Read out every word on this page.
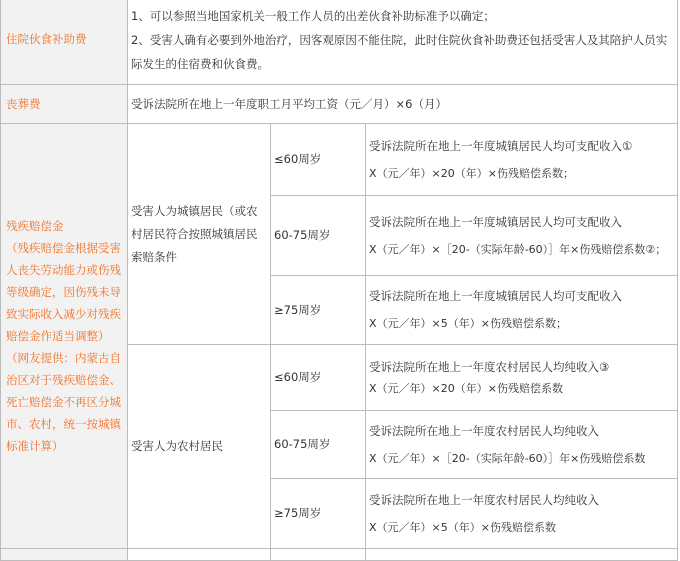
住院伙食补助费	1、可以参照当地国家机关一般工作人员的出差伙食补助标准予以确定；
2、受害人确有必要到外地治疗，因客观原因不能住院，此时住院伙食补助费还包括受害人及其陪护人员实际发生的住宿费和伙食费。		
丧葬费	受诉法院所在地上一年度职工月平均工资（元／月）×6（月）		
残疾赔偿金
（残疾赔偿金根据受害人丧失劳动能力或伤残等级确定，因伤残未导致实际收入减少对残疾赔偿金作适当调整）
（网友提供：内蒙古自治区对于残疾赔偿金、死亡赔偿金不再区分城市、农村，统一按城镇标准计算）	受害人为城镇居民（或农村居民符合按照城镇居民索赔条件	≤60周岁	受诉法院所在地上一年度城镇居民人均可支配收入①
X（元／年）×20（年）×伤残赔偿系数；

		60-75周岁	受诉法院所在地上一年度城镇居民人均可支配收入
X（元／年）×［20-（实际年龄-60）］年×伤残赔偿系数②；

		≥75周岁	受诉法院所在地上一年度城镇居民人均可支配收入
X（元／年）×5（年）×伤残赔偿系数；

	受害人为农村居民	≤60周岁	受诉法院所在地上一年度农村居民人均纯收入③
X（元／年）×20（年）×伤残赔偿系数

		60-75周岁	受诉法院所在地上一年度农村居民人均纯收入
X（元／年）×［20-（实际年龄-60）］年×伤残赔偿系数

		≥75周岁	受诉法院所在地上一年度农村居民人均纯收入
X（元／年）×5（年）×伤残赔偿系数
